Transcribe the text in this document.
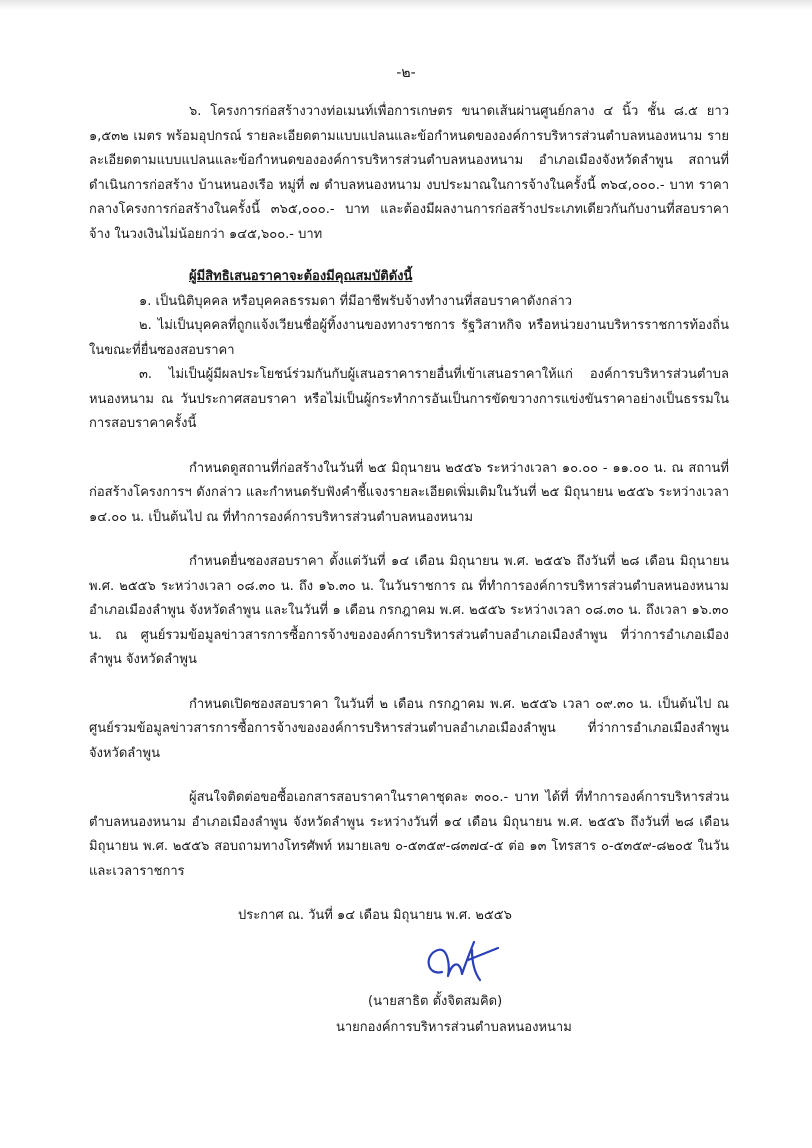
-๒-

๖. โครงการก่อสร้างวางท่อเมนท์เพื่อการเกษตร ขนาดเส้นผ่านศูนย์กลาง ๔ นิ้ว ชั้น ๘.๕ ยาว ๑,๕๓๒ เมตร พร้อมอุปกรณ์ รายละเอียดตามแบบแปลนและข้อกำหนดขององค์การบริหารส่วนตำบลหนองหนาม รายละเอียดตามแบบแปลนและข้อกำหนดขององค์การบริหารส่วนตำบลหนองหนาม อำเภอเมืองจังหวัดลำพูน สถานที่ดำเนินการก่อสร้าง บ้านหนองเรือ หมู่ที่ ๗ ตำบลหนองหนาม งบประมาณในการจ้างในครั้งนี้ ๓๖๔,๐๐๐.- บาท ราคากลางโครงการก่อสร้างในครั้งนี้ ๓๖๕,๐๐๐.- บาท และต้องมีผลงานการก่อสร้างประเภทเดียวกันกับงานที่สอบราคาจ้าง ในวงเงินไม่น้อยกว่า ๑๔๕,๖๐๐.- บาท

ผู้มีสิทธิเสนอราคาจะต้องมีคุณสมบัติดังนี้

๑. เป็นนิติบุคคล หรือบุคคลธรรมดา ที่มีอาชีพรับจ้างทำงานที่สอบราคาดังกล่าว

๒. ไม่เป็นบุคคลที่ถูกแจ้งเวียนชื่อผู้ทิ้งงานของทางราชการ รัฐวิสาหกิจ หรือหน่วยงานบริหารราชการท้องถิ่น ในขณะที่ยื่นซองสอบราคา

๓. ไม่เป็นผู้มีผลประโยชน์ร่วมกันกับผู้เสนอราคารายอื่นที่เข้าเสนอราคาให้แก่ องค์การบริหารส่วนตำบลหนองหนาม ณ วันประกาศสอบราคา หรือไม่เป็นผู้กระทำการอันเป็นการขัดขวางการแข่งขันราคาอย่างเป็นธรรมในการสอบราคาครั้งนี้

กำหนดดูสถานที่ก่อสร้างในวันที่ ๒๕ มิถุนายน ๒๕๕๖ ระหว่างเวลา ๑๐.๐๐ - ๑๑.๐๐ น. ณ สถานที่ก่อสร้างโครงการฯ ดังกล่าว และกำหนดรับฟังคำชี้แจงรายละเอียดเพิ่มเติมในวันที่ ๒๕ มิถุนายน ๒๕๕๖ ระหว่างเวลา ๑๔.๐๐ น. เป็นต้นไป ณ ที่ทำการองค์การบริหารส่วนตำบลหนองหนาม

กำหนดยื่นซองสอบราคา ตั้งแต่วันที่ ๑๔ เดือน มิถุนายน พ.ศ. ๒๕๕๖ ถึงวันที่ ๒๘ เดือน มิถุนายน พ.ศ. ๒๕๕๖ ระหว่างเวลา ๐๘.๓๐ น. ถึง ๑๖.๓๐ น. ในวันราชการ ณ ที่ทำการองค์การบริหารส่วนตำบลหนองหนาม อำเภอเมืองลำพูน จังหวัดลำพูน และในวันที่ ๑ เดือน กรกฎาคม พ.ศ. ๒๕๕๖ ระหว่างเวลา ๐๘.๓๐ น. ถึงเวลา ๑๖.๓๐ น. ณ ศูนย์รวมข้อมูลข่าวสารการซื้อการจ้างขององค์การบริหารส่วนตำบลอำเภอเมืองลำพูน ที่ว่าการอำเภอเมืองลำพูน จังหวัดลำพูน

กำหนดเปิดซองสอบราคา ในวันที่ ๒ เดือน กรกฎาคม พ.ศ. ๒๕๕๖ เวลา ๐๙.๓๐ น. เป็นต้นไป ณ ศูนย์รวมข้อมูลข่าวสารการซื้อการจ้างขององค์การบริหารส่วนตำบลอำเภอเมืองลำพูน ที่ว่าการอำเภอเมืองลำพูน จังหวัดลำพูน

ผู้สนใจติดต่อขอซื้อเอกสารสอบราคาในราคาชุดละ ๓๐๐.- บาท ได้ที่ ที่ทำการองค์การบริหารส่วนตำบลหนองหนาม อำเภอเมืองลำพูน จังหวัดลำพูน ระหว่างวันที่ ๑๔ เดือน มิถุนายน พ.ศ. ๒๕๕๖ ถึงวันที่ ๒๘ เดือน มิถุนายน พ.ศ. ๒๕๕๖ สอบถามทางโทรศัพท์ หมายเลข ๐-๕๓๕๙-๘๓๗๔-๕ ต่อ ๑๓ โทรสาร ๐-๕๓๕๙-๘๒๐๕ ในวันและเวลาราชการ

ประกาศ ณ. วันที่ ๑๔ เดือน มิถุนายน พ.ศ. ๒๕๕๖
(นายสาธิต ตั้งจิตสมคิด)
นายกองค์การบริหารส่วนตำบลหนองหนาม
